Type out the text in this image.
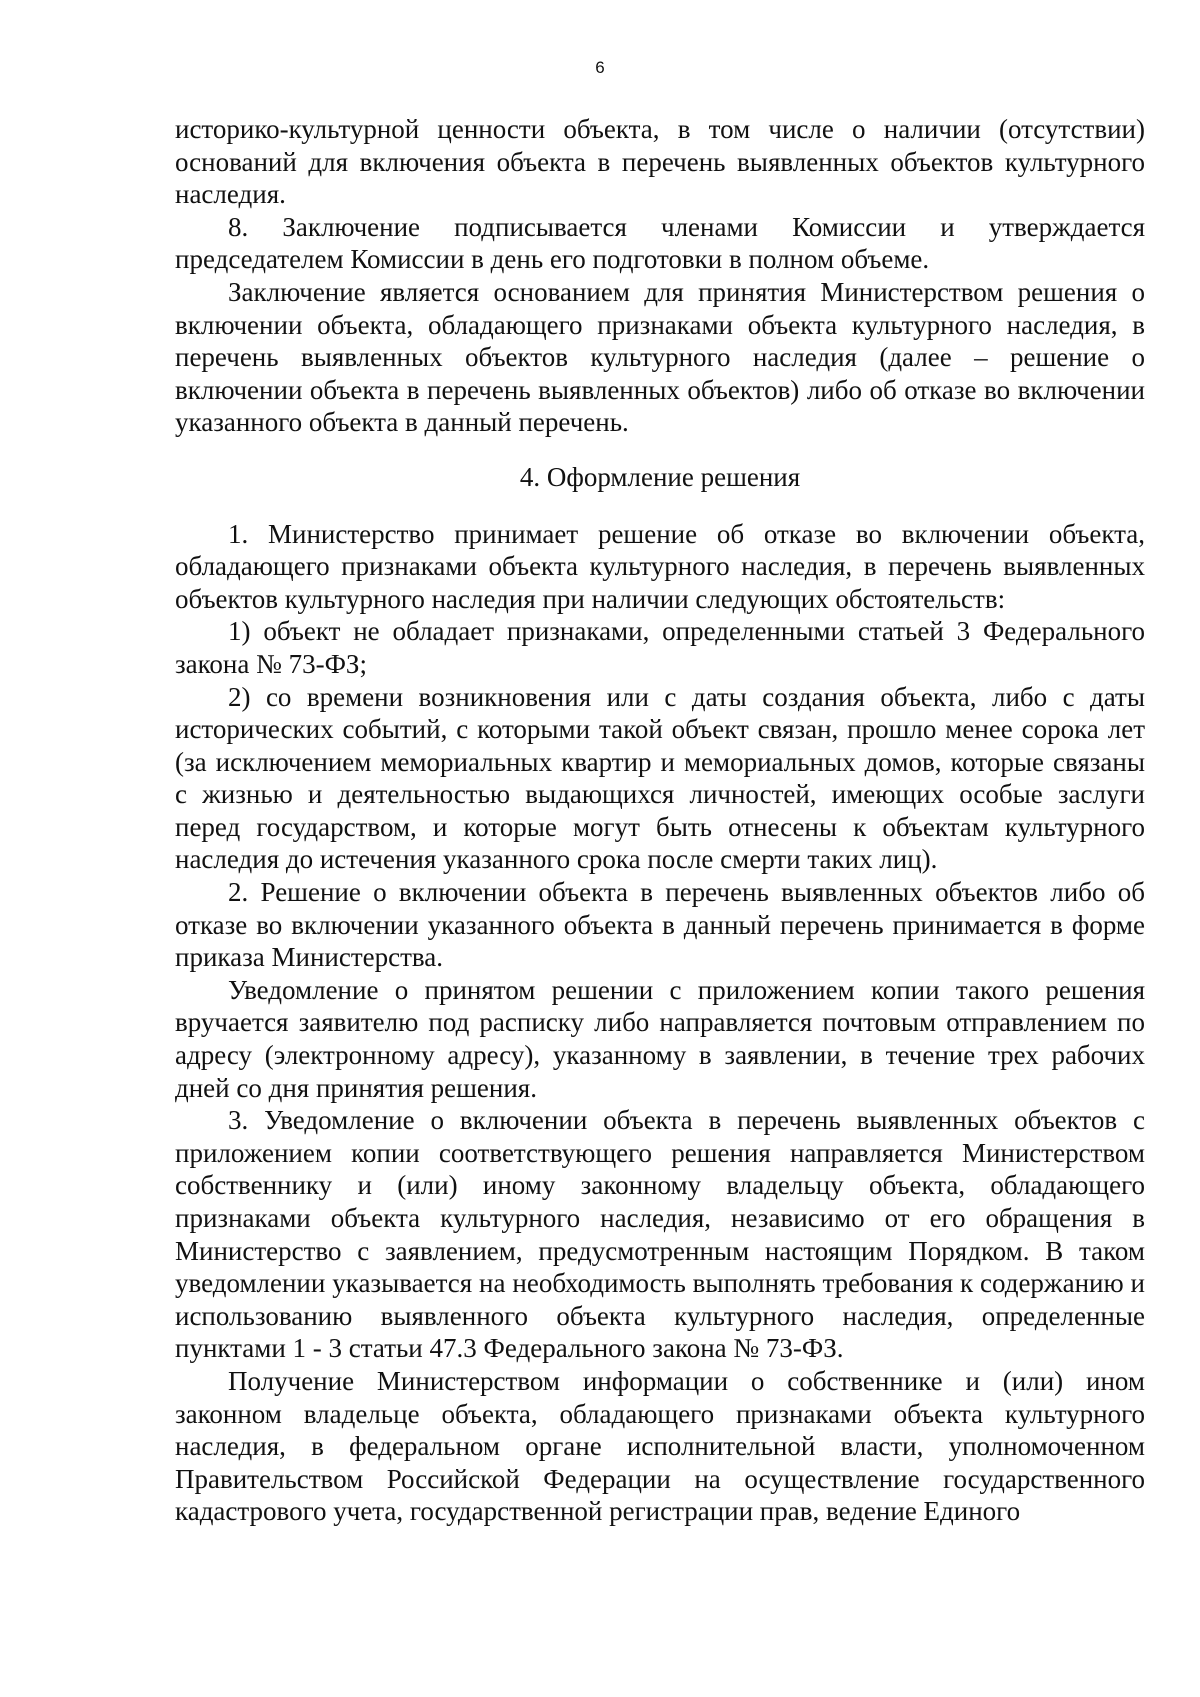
6

историко-культурной ценности объекта, в том числе о наличии (отсутствии) оснований для включения объекта в перечень выявленных объектов культурного наследия.

8. Заключение подписывается членами Комиссии и утверждается председателем Комиссии в день его подготовки в полном объеме.

Заключение является основанием для принятия Министерством решения о включении объекта, обладающего признаками объекта культурного наследия, в перечень выявленных объектов культурного наследия (далее – решение о включении объекта в перечень выявленных объектов) либо об отказе во включении указанного объекта в данный перечень.

4. Оформление решения

1. Министерство принимает решение об отказе во включении объекта, обладающего признаками объекта культурного наследия, в перечень выявленных объектов культурного наследия при наличии следующих обстоятельств:

1) объект не обладает признаками, определенными статьей 3 Федерального закона № 73-ФЗ;

2) со времени возникновения или с даты создания объекта, либо с даты исторических событий, с которыми такой объект связан, прошло менее сорока лет (за исключением мемориальных квартир и мемориальных домов, которые связаны с жизнью и деятельностью выдающихся личностей, имеющих особые заслуги перед государством, и которые могут быть отнесены к объектам культурного наследия до истечения указанного срока после смерти таких лиц).

2. Решение о включении объекта в перечень выявленных объектов либо об отказе во включении указанного объекта в данный перечень принимается в форме приказа Министерства.

Уведомление о принятом решении с приложением копии такого решения вручается заявителю под расписку либо направляется почтовым отправлением по адресу (электронному адресу), указанному в заявлении, в течение трех рабочих дней со дня принятия решения.

3. Уведомление о включении объекта в перечень выявленных объектов с приложением копии соответствующего решения направляется Министерством собственнику и (или) иному законному владельцу объекта, обладающего признаками объекта культурного наследия, независимо от его обращения в Министерство с заявлением, предусмотренным настоящим Порядком. В таком уведомлении указывается на необходимость выполнять требования к содержанию и использованию выявленного объекта культурного наследия, определенные пунктами 1 - 3 статьи 47.3 Федерального закона № 73-ФЗ.

Получение Министерством информации о собственнике и (или) ином законном владельце объекта, обладающего признаками объекта культурного наследия, в федеральном органе исполнительной власти, уполномоченном Правительством Российской Федерации на осуществление государственного кадастрового учета, государственной регистрации прав, ведение Единого
